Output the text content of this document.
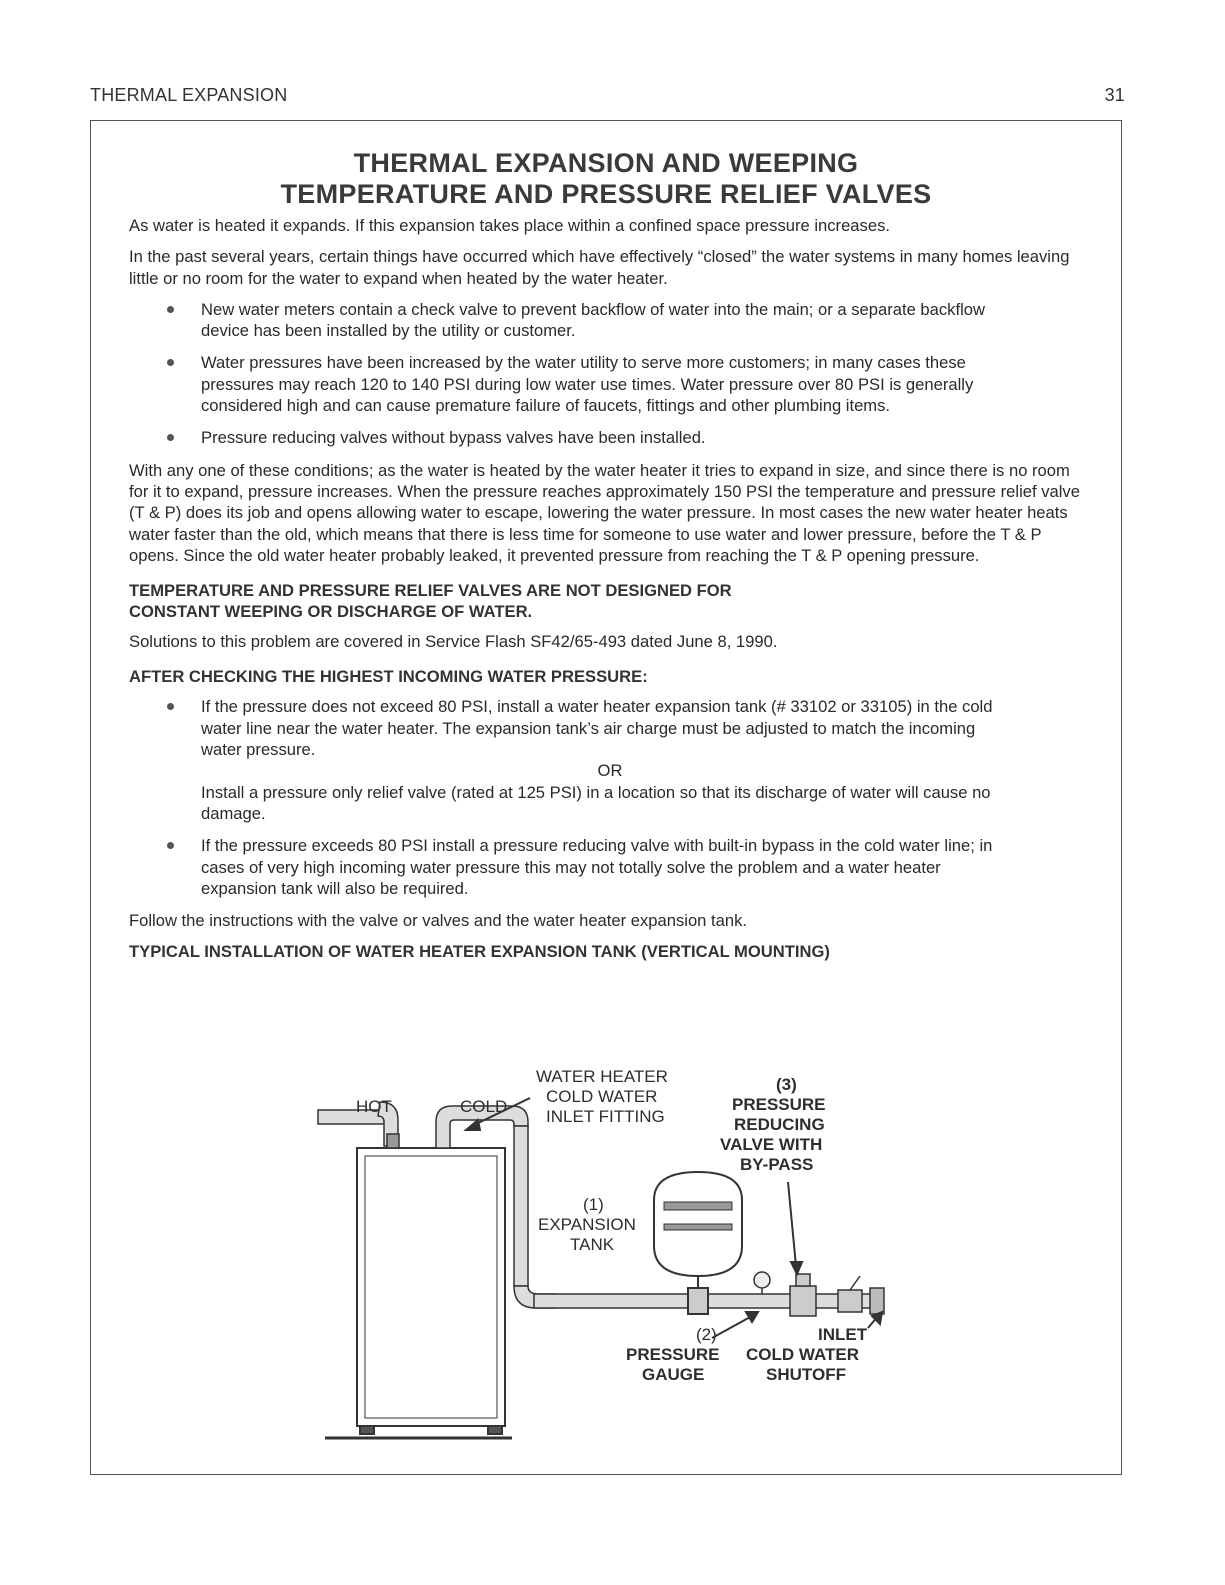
THERMAL EXPANSION	31
THERMAL EXPANSION AND WEEPING
TEMPERATURE AND PRESSURE RELIEF VALVES

As water is heated it expands. If this expansion takes place within a confined space pressure increases.

In the past several years, certain things have occurred which have effectively “closed” the water systems in many homes leaving little or no room for the water to expand when heated by the water heater.

New water meters contain a check valve to prevent backflow of water into the main; or a separate backflow device has been installed by the utility or customer.
Water pressures have been increased by the water utility to serve more customers; in many cases these pressures may reach 120 to 140 PSI during low water use times. Water pressure over 80 PSI is generally considered high and can cause premature failure of faucets, fittings and other plumbing items.
Pressure reducing valves without bypass valves have been installed.

With any one of these conditions; as the water is heated by the water heater it tries to expand in size, and since there is no room for it to expand, pressure increases. When the pressure reaches approximately 150 PSI the temperature and pressure relief valve (T & P) does its job and opens allowing water to escape, lowering the water pressure. In most cases the new water heater heats water faster than the old, which means that there is less time for someone to use water and lower pressure, before the T & P opens. Since the old water heater probably leaked, it prevented pressure from reaching the T & P opening pressure.

TEMPERATURE AND PRESSURE RELIEF VALVES ARE NOT DESIGNED FOR
CONSTANT WEEPING OR DISCHARGE OF WATER.

Solutions to this problem are covered in Service Flash SF42/65-493 dated June 8, 1990.

AFTER CHECKING THE HIGHEST INCOMING WATER PRESSURE:
If the pressure does not exceed 80 PSI, install a water heater expansion tank (# 33102 or 33105) in the cold water line near the water heater. The expansion tank’s air charge must be adjusted to match the incoming water pressure.
OR
Install a pressure only relief valve (rated at 125 PSI) in a location so that its discharge of water will cause no damage.
If the pressure exceeds 80 PSI install a pressure reducing valve with built-in bypass in the cold water line; in cases of very high incoming water pressure this may not totally solve the problem and a water heater expansion tank will also be required.

Follow the instructions with the valve or valves and the water heater expansion tank.

TYPICAL INSTALLATION OF WATER HEATER EXPANSION TANK (VERTICAL MOUNTING)
HOT	COLD
WATER HEATER
COLD WATER
INLET FITTING
(3)
PRESSURE
REDUCING
VALVE WITH
BY-PASS
(1)
EXPANSION
TANK
(2)
PRESSURE
GAUGE
INLET
COLD WATER
SHUTOFF
